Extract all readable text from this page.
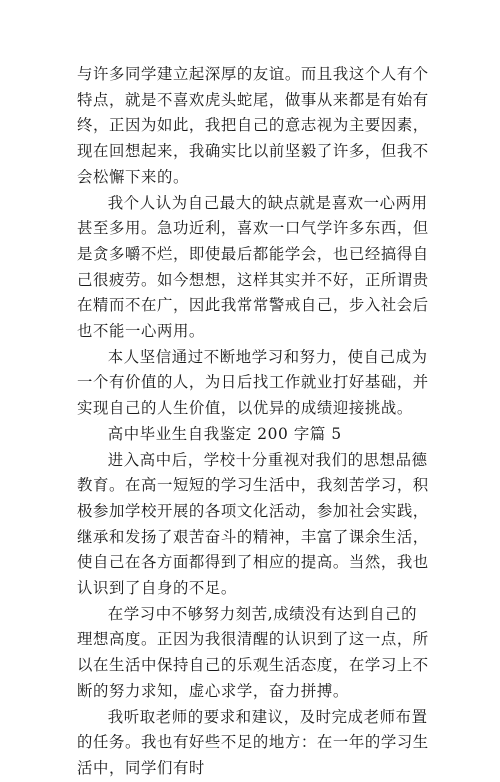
与许多同学建立起深厚的友谊。而且我这个人有个特点，就是不喜欢虎头蛇尾，做事从来都是有始有终，正因为如此，我把自己的意志视为主要因素，现在回想起来，我确实比以前坚毅了许多，但我不会松懈下来的。

我个人认为自己最大的缺点就是喜欢一心两用甚至多用。急功近利，喜欢一口气学许多东西，但是贪多嚼不烂，即使最后都能学会，也已经搞得自己很疲劳。如今想想，这样其实并不好，正所谓贵在精而不在广，因此我常常警戒自己，步入社会后也不能一心两用。

本人坚信通过不断地学习和努力，使自己成为一个有价值的人，为日后找工作就业打好基础，并实现自己的人生价值，以优异的成绩迎接挑战。

高中毕业生自我鉴定 200 字篇 5

进入高中后，学校十分重视对我们的思想品德教育。在高一短短的学习生活中，我刻苦学习，积极参加学校开展的各项文化活动，参加社会实践，继承和发扬了艰苦奋斗的精神，丰富了课余生活，使自己在各方面都得到了相应的提高。当然，我也认识到了自身的不足。

在学习中不够努力刻苦,成绩没有达到自己的理想高度。正因为我很清醒的认识到了这一点，所以在生活中保持自己的乐观生活态度，在学习上不断的努力求知，虚心求学，奋力拼搏。

我听取老师的要求和建议，及时完成老师布置的任务。我也有好些不足的地方：在一年的学习生活中，同学们有时
